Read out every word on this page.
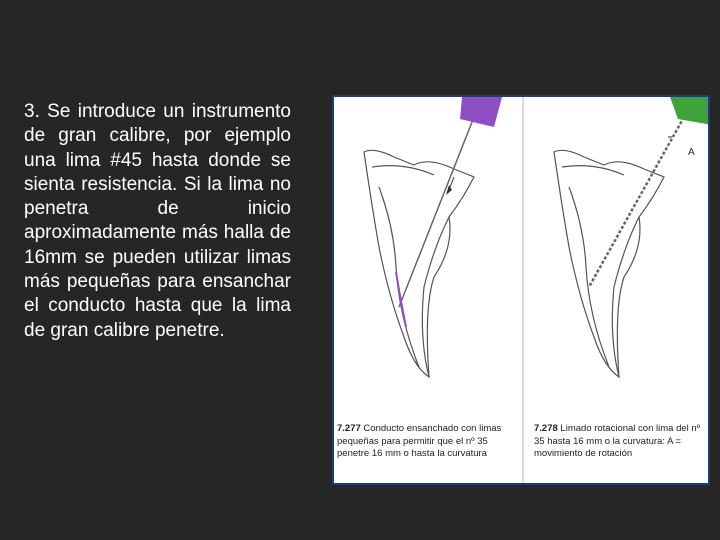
3. Se introduce un instrumento de gran calibre, por ejemplo una lima #45 hasta donde se sienta resistencia. Si la lima no penetra de inicio aproximadamente más halla de 16mm se pueden utilizar limas más pequeñas para ensanchar el conducto hasta que la lima de gran calibre penetre.
A
7.277 Conducto ensanchado con limas pequeñas para permitir que el nº 35 penetre 16 mm o hasta la curvatura
7.278 Limado rotacional con lima del nº 35 hasta 16 mm o la curvatura: A = movimiento de rotación
